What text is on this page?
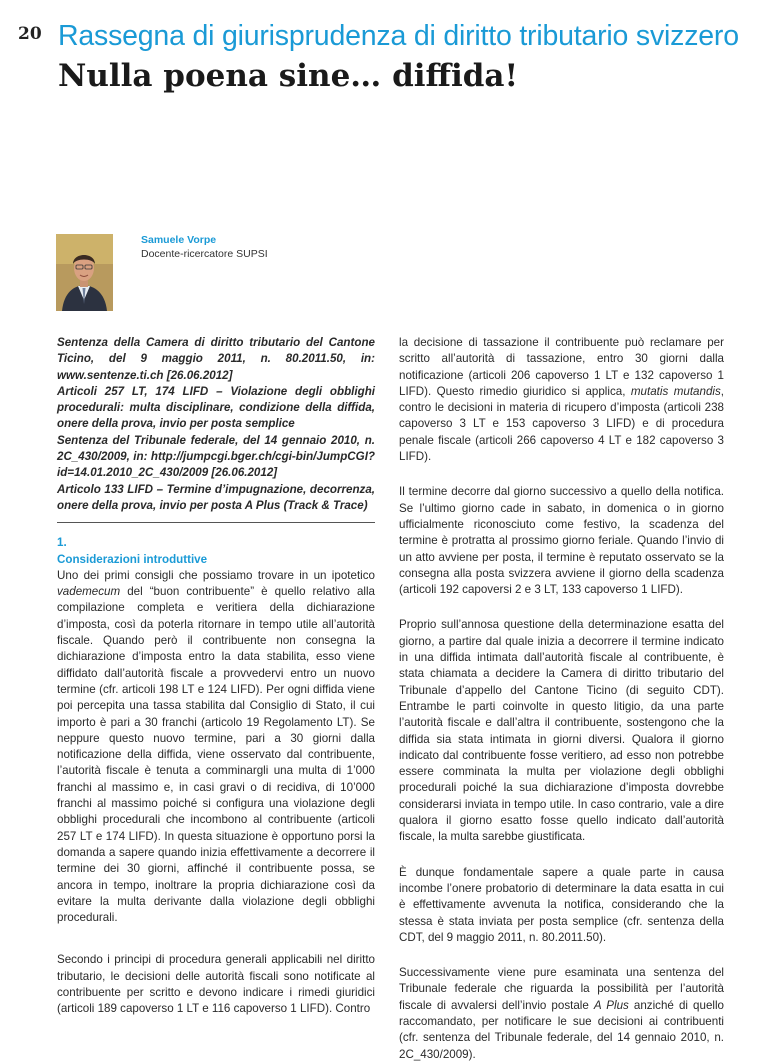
20 Rassegna di giurisprudenza di diritto tributario svizzero
Nulla poena sine… diffida!
Samuele Vorpe
Docente-ricercatore SUPSI

Sentenza della Camera di diritto tributario del Cantone Ticino, del 9 maggio 2011, n. 80.2011.50, in: www.sentenze.ti.ch [26.06.2012]

Articoli 257 LT, 174 LIFD – Violazione degli obblighi procedurali: multa disciplinare, condizione della diffida, onere della prova, invio per posta semplice

Sentenza del Tribunale federale, del 14 gennaio 2010, n. 2C_430/2009, in: http://jumpcgi.bger.ch/cgi-bin/JumpCGI?id=14.01.2010_2C_430/2009 [26.06.2012]

Articolo 133 LIFD – Termine d’impugnazione, decorrenza, onere della prova, invio per posta A Plus (Track & Trace)

1.

Considerazioni introduttive

Uno dei primi consigli che possiamo trovare in un ipotetico vademecum del “buon contribuente” è quello relativo alla compilazione completa e veritiera della dichiarazione d’imposta, così da poterla ritornare in tempo utile all’autorità fiscale. Quando però il contribuente non consegna la dichiarazione d’imposta entro la data stabilita, esso viene diffidato dall’autorità fiscale a provvedervi entro un nuovo termine (cfr. articoli 198 LT e 124 LIFD). Per ogni diffida viene poi percepita una tassa stabilita dal Consiglio di Stato, il cui importo è pari a 30 franchi (articolo 19 Regolamento LT). Se neppure questo nuovo termine, pari a 30 giorni dalla notificazione della diffida, viene osservato dal contribuente, l’autorità fiscale è tenuta a comminargli una multa di 1’000 franchi al massimo e, in casi gravi o di recidiva, di 10’000 franchi al massimo poiché si configura una violazione degli obblighi procedurali che incombono al contribuente (articoli 257 LT e 174 LIFD). In questa situazione è opportuno porsi la domanda a sapere quando inizia effettivamente a decorrere il termine dei 30 giorni, affinché il contribuente possa, se ancora in tempo, inoltrare la propria dichiarazione così da evitare la multa derivante dalla violazione degli obblighi procedurali.

Secondo i principi di procedura generali applicabili nel diritto tributario, le decisioni delle autorità fiscali sono notificate al contribuente per scritto e devono indicare i rimedi giuridici (articoli 189 capoverso 1 LT e 116 capoverso 1 LIFD). Contro

la decisione di tassazione il contribuente può reclamare per scritto all’autorità di tassazione, entro 30 giorni dalla notificazione (articoli 206 capoverso 1 LT e 132 capoverso 1 LIFD). Questo rimedio giuridico si applica, mutatis mutandis, contro le decisioni in materia di ricupero d’imposta (articoli 238 capoverso 3 LT e 153 capoverso 3 LIFD) e di procedura penale fiscale (articoli 266 capoverso 4 LT e 182 capoverso 3 LIFD).

Il termine decorre dal giorno successivo a quello della notifica. Se l’ultimo giorno cade in sabato, in domenica o in giorno ufficialmente riconosciuto come festivo, la scadenza del termine è protratta al prossimo giorno feriale. Quando l’invio di un atto avviene per posta, il termine è reputato osservato se la consegna alla posta svizzera avviene il giorno della scadenza (articoli 192 capoversi 2 e 3 LT, 133 capoverso 1 LIFD).

Proprio sull’annosa questione della determinazione esatta del giorno, a partire dal quale inizia a decorrere il termine indicato in una diffida intimata dall’autorità fiscale al contribuente, è stata chiamata a decidere la Camera di diritto tributario del Tribunale d’appello del Cantone Ticino (di seguito CDT). Entrambe le parti coinvolte in questo litigio, da una parte l’autorità fiscale e dall’altra il contribuente, sostengono che la diffida sia stata intimata in giorni diversi. Qualora il giorno indicato dal contribuente fosse veritiero, ad esso non potrebbe essere comminata la multa per violazione degli obblighi procedurali poiché la sua dichiarazione d’imposta dovrebbe considerarsi inviata in tempo utile. In caso contrario, vale a dire qualora il giorno esatto fosse quello indicato dall’autorità fiscale, la multa sarebbe giustificata.

È dunque fondamentale sapere a quale parte in causa incombe l’onere probatorio di determinare la data esatta in cui è effettivamente avvenuta la notifica, considerando che la stessa è stata inviata per posta semplice (cfr. sentenza della CDT, del 9 maggio 2011, n. 80.2011.50).

Successivamente viene pure esaminata una sentenza del Tribunale federale che riguarda la possibilità per l’autorità fiscale di avvalersi dell’invio postale A Plus anziché di quello raccomandato, per notificare le sue decisioni ai contribuenti (cfr. sentenza del Tribunale federale, del 14 gennaio 2010, n. 2C_430/2009).
